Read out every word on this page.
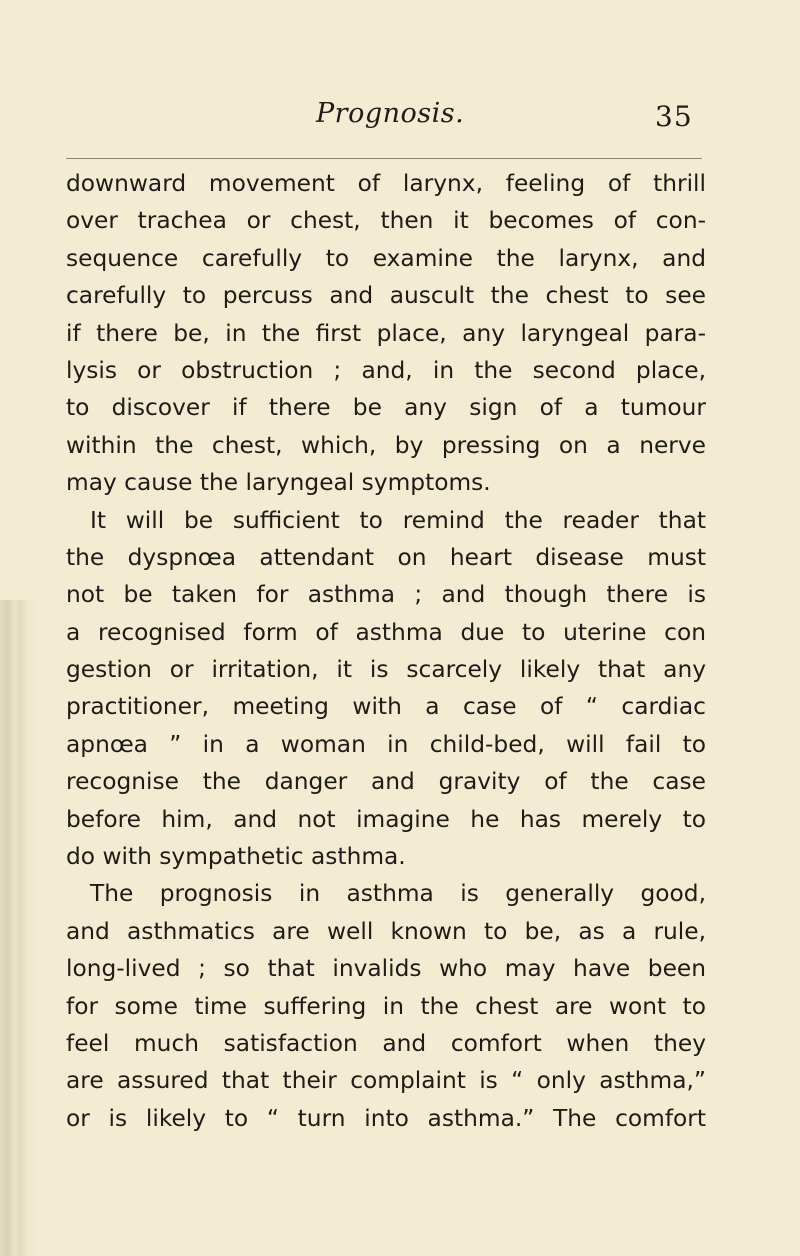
Prognosis.	35
downward movement of larynx, feeling of thrill
over trachea or chest, then it becomes of con-
sequence carefully to examine the larynx, and
carefully to percuss and auscult the chest to see
if there be, in the first place, any laryngeal para-
lysis or obstruction ; and, in the second place,
to discover if there be any sign of a tumour
within the chest, which, by pressing on a nerve
may cause the laryngeal symptoms.
It will be sufficient to remind the reader that
the dyspnœa attendant on heart disease must
not be taken for asthma ; and though there is
a recognised form of asthma due to uterine con
gestion or irritation, it is scarcely likely that any
practitioner, meeting with a case of “ cardiac
apnœa ” in a woman in child-bed, will fail to
recognise the danger and gravity of the case
before him, and not imagine he has merely to
do with sympathetic asthma.
The prognosis in asthma is generally good,
and asthmatics are well known to be, as a rule,
long-lived ; so that invalids who may have been
for some time suffering in the chest are wont to
feel much satisfaction and comfort when they
are assured that their complaint is “ only asthma,”
or is likely to “ turn into asthma.” The comfort
